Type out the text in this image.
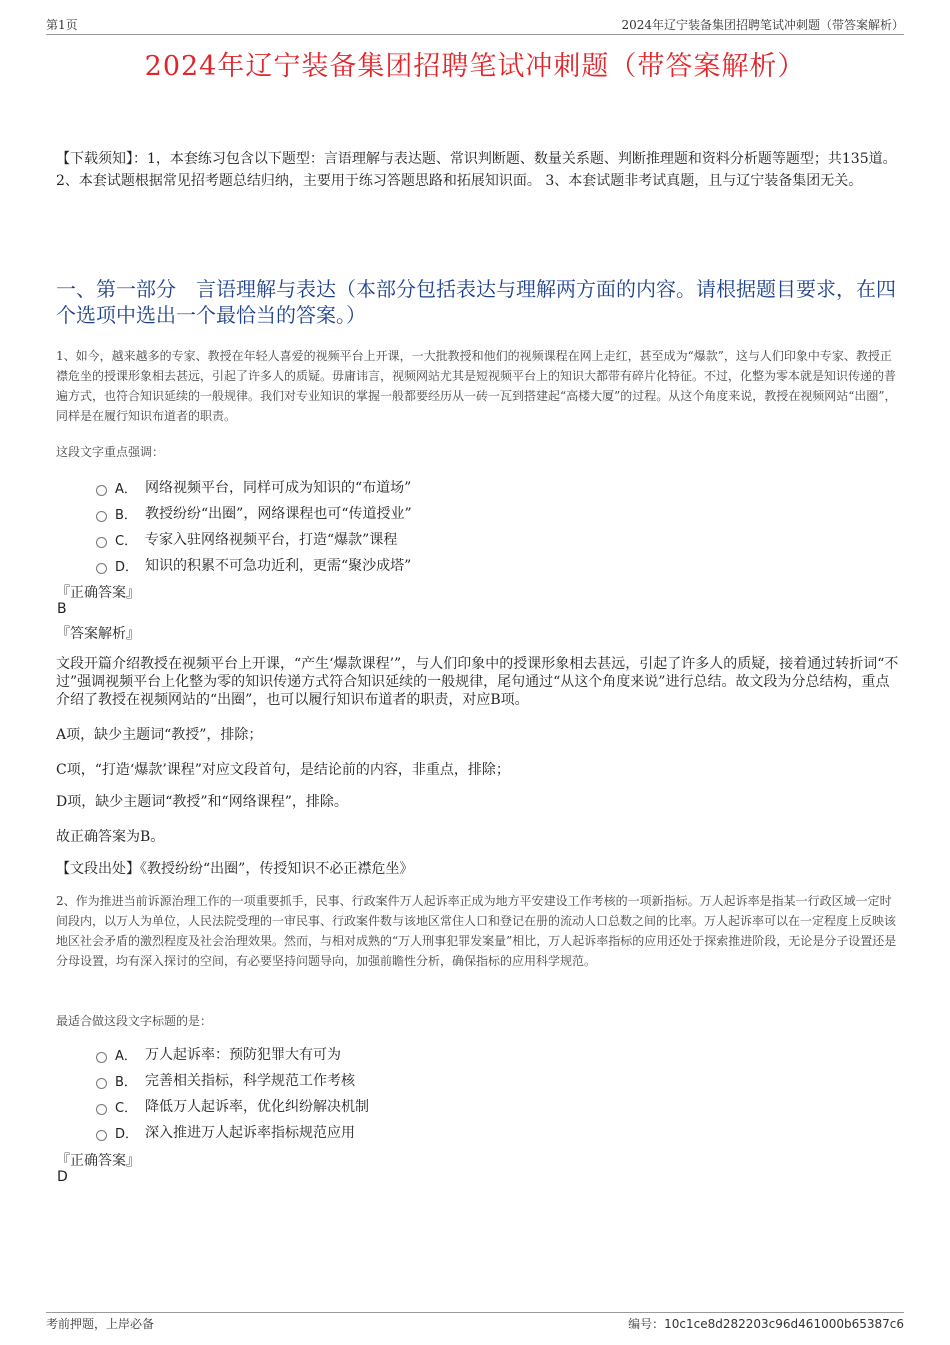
第1页	2024年辽宁装备集团招聘笔试冲刺题（带答案解析）
2024年辽宁装备集团招聘笔试冲刺题（带答案解析）
【下载须知】：1，本套练习包含以下题型：言语理解与表达题、常识判断题、数量关系题、判断推理题和资料分析题等题型；共135道。 2、本套试题根据常见招考题总结归纳，主要用于练习答题思路和拓展知识面。 3、本套试题非考试真题，且与辽宁装备集团无关。
一、第一部分　言语理解与表达（本部分包括表达与理解两方面的内容。请根据题目要求，在四个选项中选出一个最恰当的答案。）
1、如今，越来越多的专家、教授在年轻人喜爱的视频平台上开课，一大批教授和他们的视频课程在网上走红，甚至成为“爆款”，这与人们印象中专家、教授正襟危坐的授课形象相去甚远，引起了许多人的质疑。毋庸讳言，视频网站尤其是短视频平台上的知识大都带有碎片化特征。不过，化整为零本就是知识传递的普遍方式，也符合知识延续的一般规律。我们对专业知识的掌握一般都要经历从一砖一瓦到搭建起“高楼大厦”的过程。从这个角度来说，教授在视频网站“出圈”，同样是在履行知识布道者的职责。
这段文字重点强调：
A． 网络视频平台，同样可成为知识的“布道场”
B． 教授纷纷“出圈”，网络课程也可“传道授业”
C． 专家入驻网络视频平台，打造“爆款”课程
D． 知识的积累不可急功近利，更需“聚沙成塔”
『正确答案』
B
『答案解析』
文段开篇介绍教授在视频平台上开课，“产生‘爆款课程’”，与人们印象中的授课形象相去甚远，引起了许多人的质疑，接着通过转折词“不过”强调视频平台上化整为零的知识传递方式符合知识延续的一般规律，尾句通过“从这个角度来说”进行总结。故文段为分总结构，重点介绍了教授在视频网站的“出圈”，也可以履行知识布道者的职责，对应B项。
A项，缺少主题词“教授”，排除；
C项，“打造‘爆款’课程”对应文段首句，是结论前的内容，非重点，排除；
D项，缺少主题词“教授”和“网络课程”，排除。
故正确答案为B。
【文段出处】《教授纷纷“出圈”，传授知识不必正襟危坐》
2、作为推进当前诉源治理工作的一项重要抓手，民事、行政案件万人起诉率正成为地方平安建设工作考核的一项新指标。万人起诉率是指某一行政区域一定时间段内，以万人为单位，人民法院受理的一审民事、行政案件数与该地区常住人口和登记在册的流动人口总数之间的比率。万人起诉率可以在一定程度上反映该地区社会矛盾的激烈程度及社会治理效果。然而，与相对成熟的“万人刑事犯罪发案量”相比，万人起诉率指标的应用还处于探索推进阶段，无论是分子设置还是分母设置，均有深入探讨的空间，有必要坚持问题导向，加强前瞻性分析，确保指标的应用科学规范。
最适合做这段文字标题的是：
A． 万人起诉率：预防犯罪大有可为
B． 完善相关指标，科学规范工作考核
C． 降低万人起诉率，优化纠纷解决机制
D． 深入推进万人起诉率指标规范应用
『正确答案』
D
考前押题，上岸必备	编号：10c1ce8d282203c96d461000b65387c6
